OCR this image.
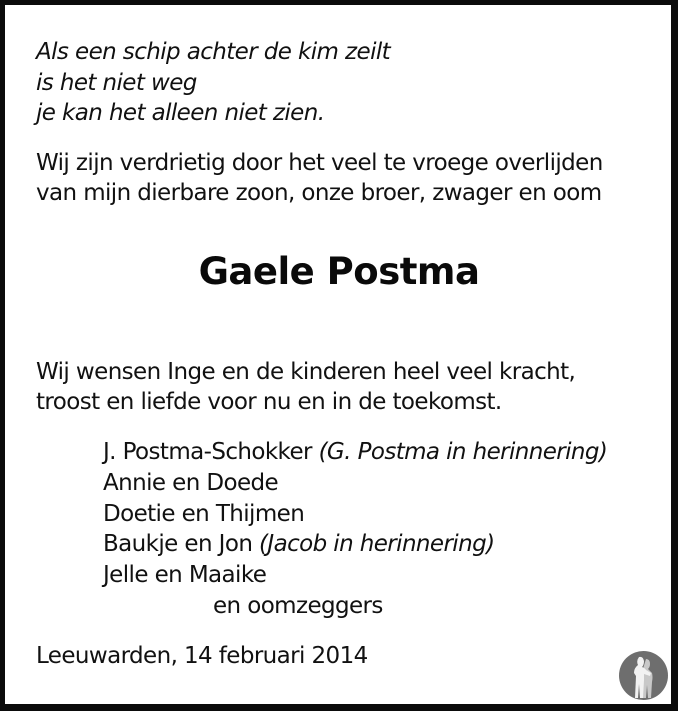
Als een schip achter de kim zeilt
is het niet weg
je kan het alleen niet zien.
Wij zijn verdrietig door het veel te vroege overlijden
van mijn dierbare zoon, onze broer, zwager en oom
Gaele Postma
Wij wensen Inge en de kinderen heel veel kracht,
troost en liefde voor nu en in de toekomst.
J. Postma-Schokker (G. Postma in herinnering)
Annie en Doede
Doetie en Thijmen
Baukje en Jon (Jacob in herinnering)
Jelle en Maaike
en oomzeggers
Leeuwarden, 14 februari 2014
